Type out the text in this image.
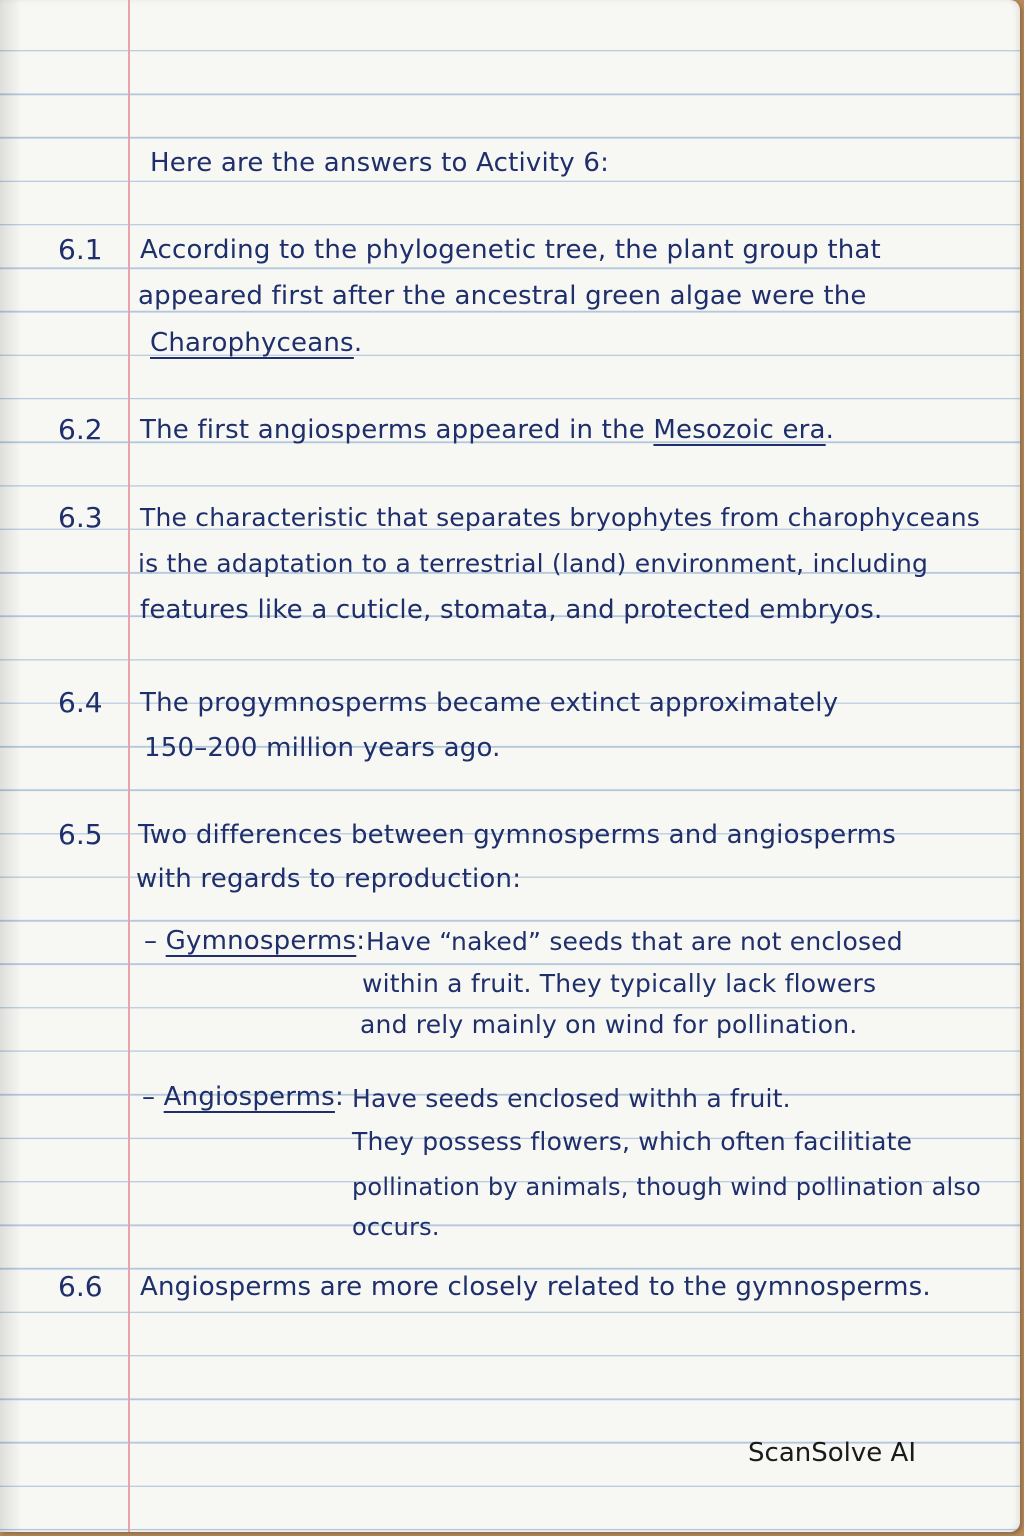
Here are the answers to Activity 6:
6.1 According to the phylogenetic tree, the plant group that
appeared first after the ancestral green algae were the
Charophyceans.
6.2 The first angiosperms appeared in the Mesozoic era.
6.3 The characteristic that separates bryophytes from charophyceans
is the adaptation to a terrestrial (land) environment, including
features like a cuticle, stomata, and protected embryos.
6.4 The progymnosperms became extinct approximately
150–200 million years ago.
6.5 Two differences between gymnosperms and angiosperms
with regards to reproduction:
– Gymnosperms: Have “naked” seeds that are not enclosed
within a fruit. They typically lack flowers
and rely mainly on wind for pollination.
– Angiosperms: Have seeds enclosed withh a fruit.
They possess flowers, which often facilitiate
pollination by animals, though wind pollination also
occurs.
6.6 Angiosperms are more closely related to the gymnosperms.
ScanSolve AI
